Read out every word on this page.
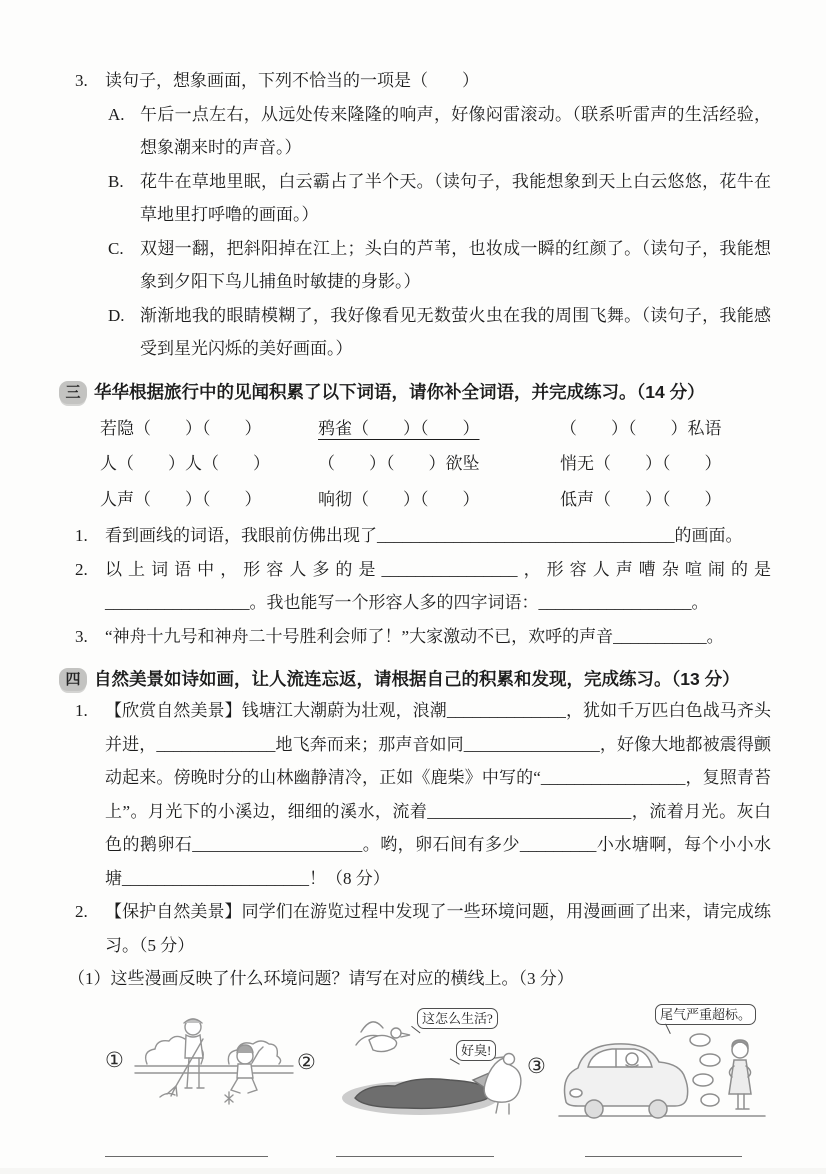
3.	读句子，想象画面，下列不恰当的一项是（　　）
A. 午后一点左右，从远处传来隆隆的响声，好像闷雷滚动。（联系听雷声的生活经验，想象潮来时的声音。）
B. 花牛在草地里眠，白云霸占了半个天。（读句子，我能想象到天上白云悠悠，花牛在草地里打呼噜的画面。）
C. 双翅一翻，把斜阳掉在江上；头白的芦苇，也妆成一瞬的红颜了。（读句子，我能想象到夕阳下鸟儿捕鱼时敏捷的身影。）
D. 渐渐地我的眼睛模糊了，我好像看见无数萤火虫在我的周围飞舞。（读句子，我能感受到星光闪烁的美好画面。）
三 华华根据旅行中的见闻积累了以下词语，请你补全词语，并完成练习。（14 分）
若隐（　　）（　　）	鸦雀（　　）（　　）	（　　）（　　）私语
人（　　）人（　　）	（　　）（　　）欲坠	悄无（　　）（　　）
人声（　　）（　　）	响彻（　　）（　　）	低声（　　）（　　）
1.	看到画线的词语，我眼前仿佛出现了___________________________________的画面。
2.	以上词语中，形容人多的是________________，形容人声嘈杂喧闹的是_________________。我也能写一个形容人多的四字词语：__________________。
3.	“神舟十九号和神舟二十号胜利会师了！”大家激动不已，欢呼的声音___________。
四 自然美景如诗如画，让人流连忘返，请根据自己的积累和发现，完成练习。（13 分）
1.	【欣赏自然美景】钱塘江大潮蔚为壮观，浪潮______________，犹如千万匹白色战马齐头并进，______________地飞奔而来；那声音如同________________，好像大地都被震得颤动起来。傍晚时分的山林幽静清冷，正如《鹿柴》中写的“_________________，复照青苔上”。月光下的小溪边，细细的溪水，流着________________________，流着月光。灰白色的鹅卵石____________________。哟，卵石间有多少_________小水塘啊，每个小小水塘______________________！（8 分）
2.	【保护自然美景】同学们在游览过程中发现了一些环境问题，用漫画画了出来，请完成练习。（5 分）
（1）这些漫画反映了什么环境问题？请写在对应的横线上。（3 分）
①	②
这怎么生活?
好臭!
③
尾气严重超标。
